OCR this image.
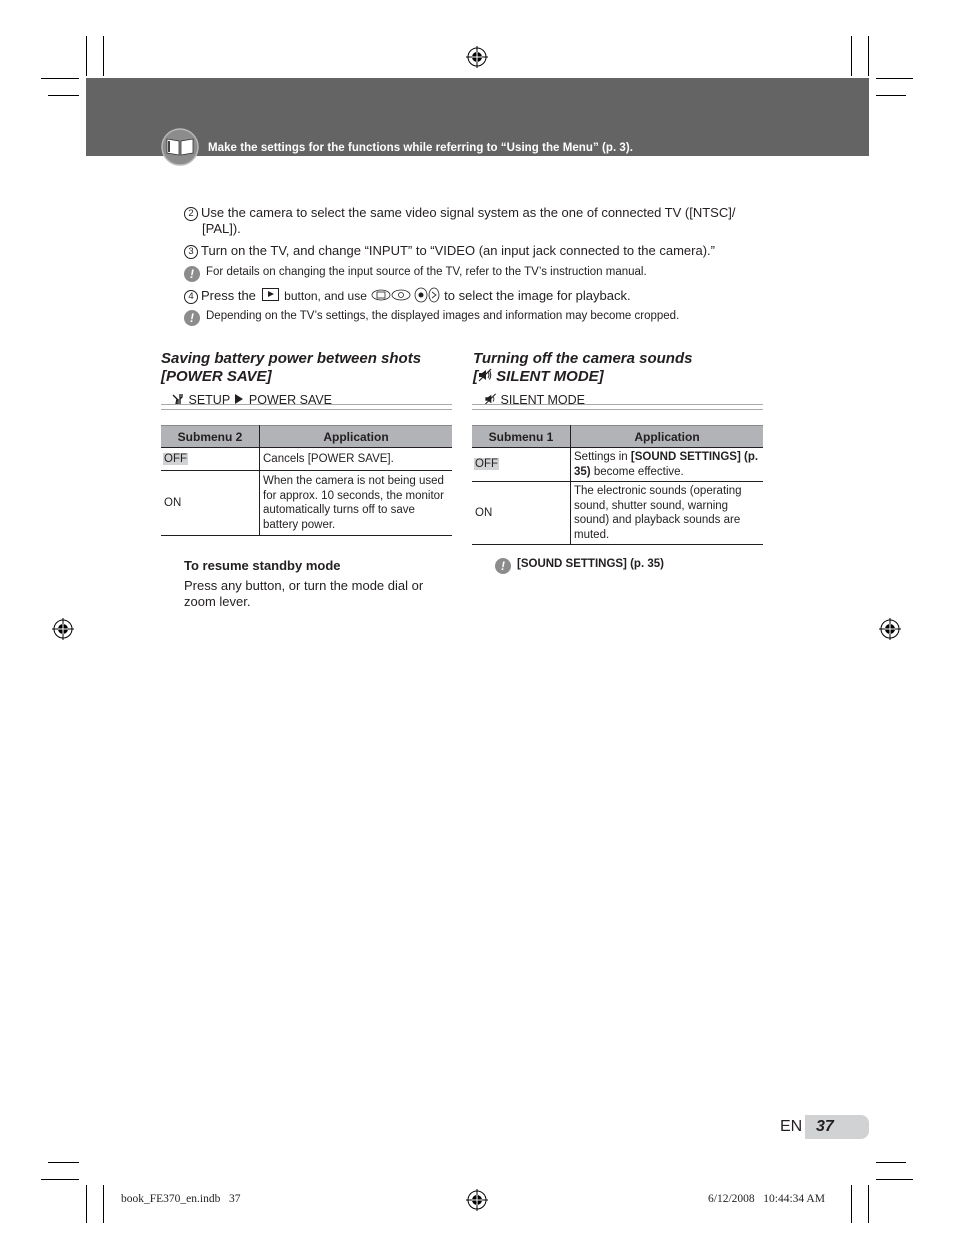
Make the settings for the functions while referring to “Using the Menu” (p. 3).
2 Use the camera to select the same video signal system as the one of connected TV ([NTSC]/
[PAL]).
3 Turn on the TV, and change “INPUT” to “VIDEO (an input jack connected to the camera).”
! For details on changing the input source of the TV, refer to the TV’s instruction manual.
4 Press the button, and use	to select the image for playback.
! Depending on the TV’s settings, the displayed images and information may become cropped.
Saving battery power between shots
[POWER SAVE]
SETUP POWER SAVE
Submenu 2	Application
OFF	Cancels [POWER SAVE].
ON	When the camera is not being used for approx. 10 seconds, the monitor automatically turns off to save battery power.
To resume standby mode
Press any button, or turn the mode dial or zoom lever.
Turning off the camera sounds
[ SILENT MODE]
SILENT MODE
Submenu 1	Application
OFF	Settings in [SOUND SETTINGS] (p. 35) become effective.
ON	The electronic sounds (operating sound, shutter sound, warning sound) and playback sounds are muted.
! [SOUND SETTINGS] (p. 35)
EN 37
book_FE370_en.indb   37	6/12/2008   10:44:34 AM
